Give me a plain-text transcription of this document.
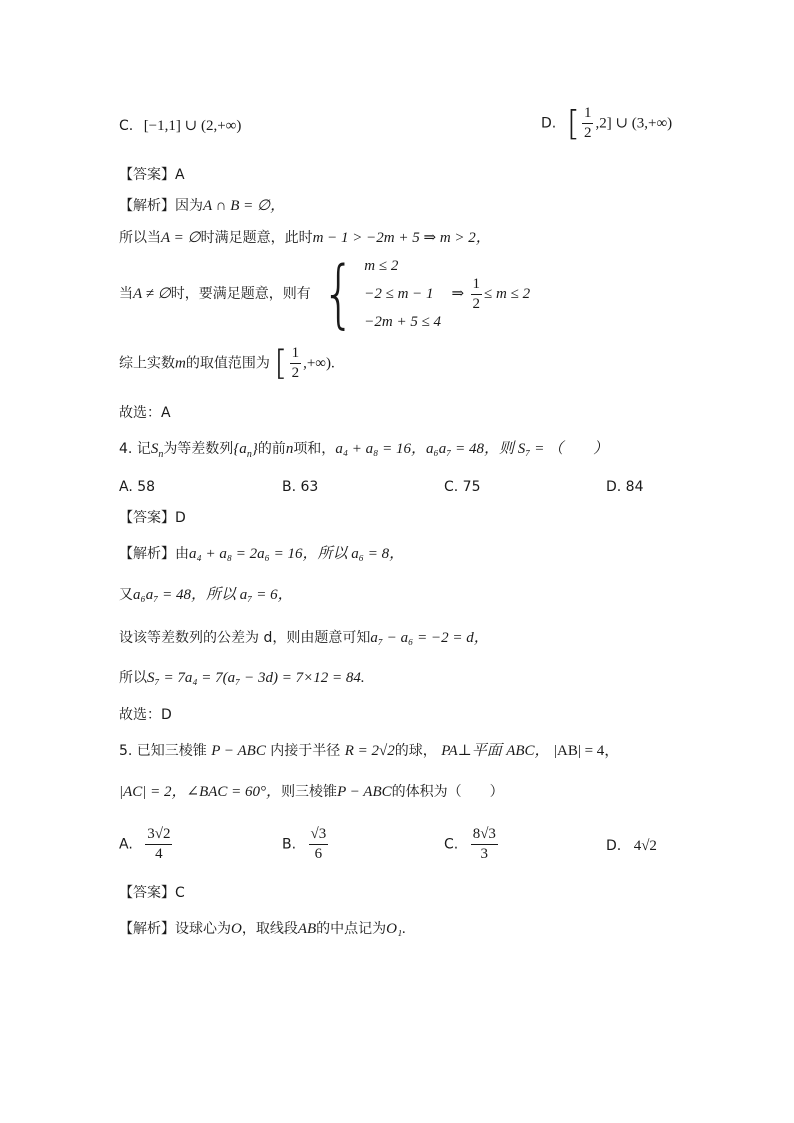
C. [−1,1] ∪ (2,+∞)	D. [ $\frac{1}{2} ,2$] ∪ (3,+∞)
【答案】A
【解析】因为A ∩ B = ∅，
所以当A = ∅时满足题意，此时m − 1 > −2m + 5 ⇒ m > 2，
当A ≠ ∅时，要满足题意，则有 { m ≤ 2
−2 ≤ m − 1
−2m + 5 ≤ 4
⇒ $\frac{1}{2} \le m \le 2$
综上实数m的取值范围为 [ $\frac{1}{2}$ ,+∞).
故选：A
4. 记$S_n$为等差数列$\{a_n\}$的前n项和，a₄ + a₈ = 16，a₆a₇ = 48，则 S₇ = （　　）
A. 58	B. 63	C. 75	D. 84
【答案】D
【解析】由a₄ + a₈ = 2a₆ = 16，所以 a₆ = 8，
又a₆a₇ = 48，所以 a₇ = 6，
设该等差数列的公差为 d，则由题意可知a₇ − a₆ = −2 = d，
所以S₇ = 7a₄ = 7(a₇ − 3d) = 7×12 = 84.
故选：D
5. 已知三棱锥 P − ABC 内接于半径 R = 2√2的球， PA⊥平面 ABC， |AB| = 4，
|AC| = 2，∠BAC = 60°，则三棱锥P − ABC的体积为（　　）
A. $\frac{3√2}{4}$	B. $\frac{√3}{6}$	C. $\frac{8√3}{3}$	D. 4√2
【答案】C
【解析】设球心为O，取线段AB的中点记为O₁.
